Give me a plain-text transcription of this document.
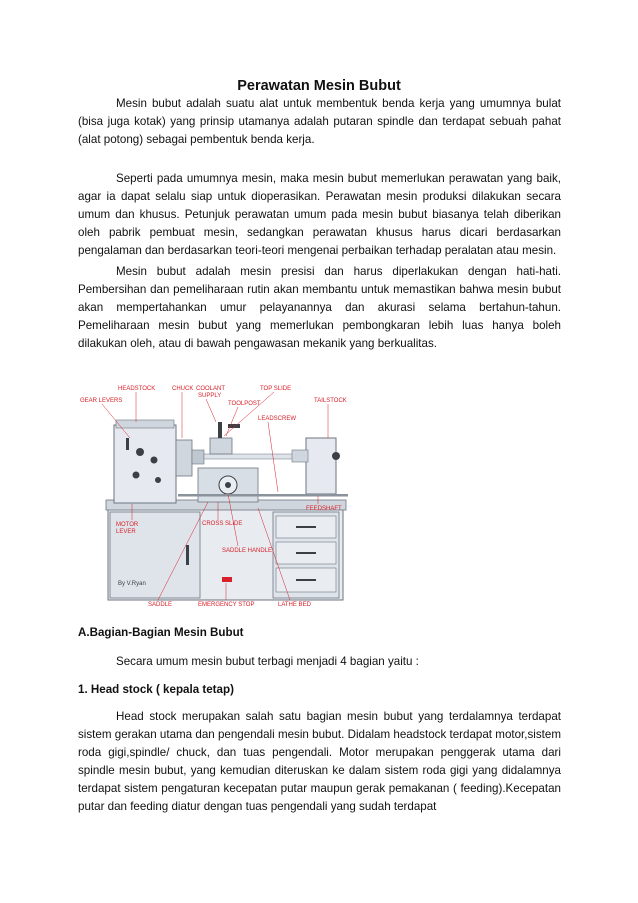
Perawatan Mesin Bubut

Mesin bubut adalah suatu alat untuk membentuk benda kerja yang umumnya bulat (bisa juga kotak) yang prinsip utamanya adalah putaran spindle dan terdapat sebuah pahat (alat potong) sebagai pembentuk benda kerja.

Seperti pada umumnya mesin, maka mesin bubut memerlukan perawatan yang baik, agar ia dapat selalu siap untuk dioperasikan. Perawatan mesin produksi dilakukan secara umum dan khusus. Petunjuk perawatan umum pada mesin bubut biasanya telah diberikan oleh pabrik pembuat mesin, sedangkan perawatan khusus harus dicari berdasarkan pengalaman dan berdasarkan teori-teori mengenai perbaikan terhadap peralatan atau mesin.

Mesin bubut adalah mesin presisi dan harus diperlakukan dengan hati-hati. Pembersihan dan pemeliharaan rutin akan membantu untuk memastikan bahwa mesin bubut akan mempertahankan umur pelayanannya dan akurasi selama bertahun-tahun. Pemeliharaan mesin bubut yang memerlukan pembongkaran lebih luas hanya boleh dilakukan oleh, atau di bawah pengawasan mekanik yang berkualitas.

HEADSTOCK	CHUCK COOLANT
SUPPLY
TOP SLIDE
GEAR LEVERS	TOOLPOST	TAILSTOCK
LEADSCREW
FEEDSHAFT
MOTOR
LEVER
CROSS SLIDE
SADDLE HANDLE
By V.Ryan
SADDLE	EMERGENCY STOP	LATHE BED

A.Bagian-Bagian Mesin Bubut

Secara umum mesin bubut terbagi menjadi 4 bagian yaitu :

1. Head stock ( kepala tetap)

Head stock merupakan salah satu bagian mesin bubut yang terdalamnya terdapat sistem gerakan utama dan pengendali mesin bubut. Didalam headstock terdapat motor,sistem roda gigi,spindle/ chuck, dan tuas pengendali. Motor merupakan penggerak utama dari spindle mesin bubut, yang kemudian diteruskan ke dalam sistem roda gigi yang didalamnya terdapat sistem pengaturan kecepatan putar maupun gerak pemakanan ( feeding).Kecepatan putar dan feeding diatur dengan tuas pengendali yang sudah terdapat
